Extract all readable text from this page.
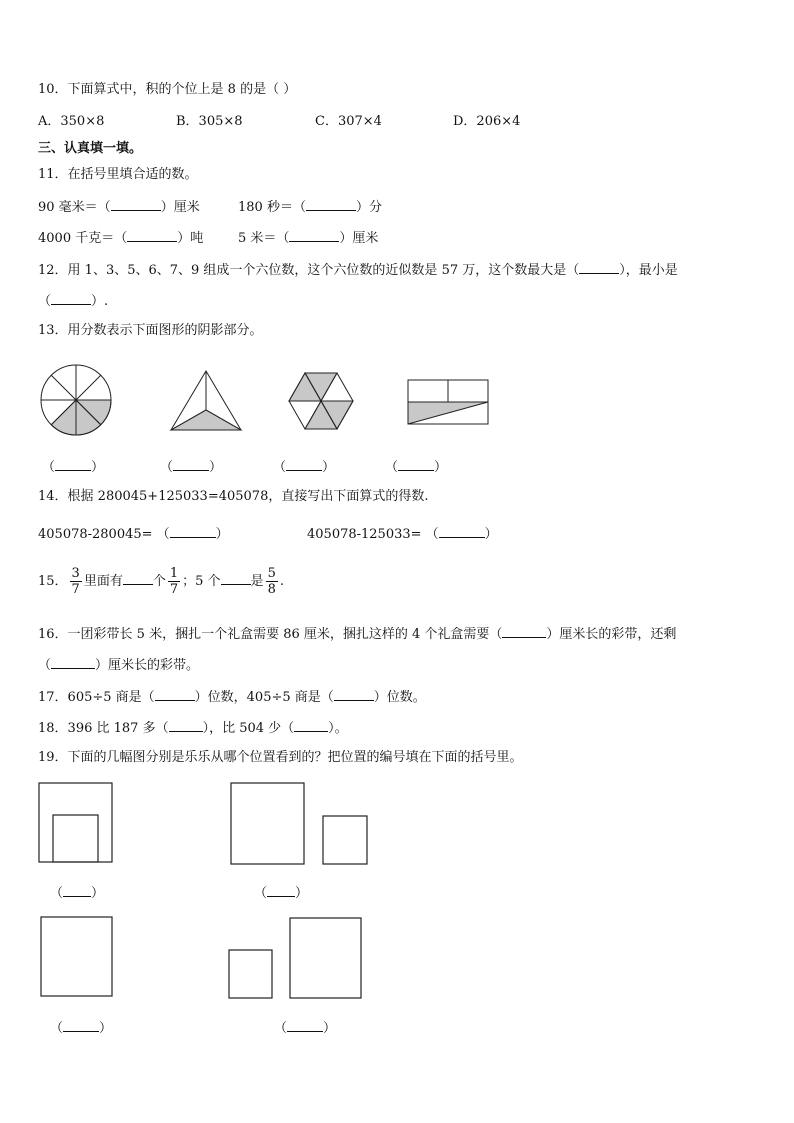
10．下面算式中，积的个位上是 8 的是（ ）
A．350×8	B．305×8	C．307×4	D．206×4
三、认真填一填。
11．在括号里填合适的数。
90 毫米＝（	）厘米	180 秒＝（	）分
4000 千克＝（	）吨	5 米＝（	）厘米
12．用 1、3、5、6、7、9 组成一个六位数，这个六位数的近似数是 57 万，这个数最大是（	），最小是
（	）.
13．用分数表示下面图形的阴影部分。
（	）	（	）	（	）	（	）
14．根据 280045+125033=405078，直接写出下面算式的得数.
405078-280045= （	）	405078-125033= （	）
15． $\frac{3}{7}$ 里面有 个 $\frac{1}{7}$ ；5 个 是 $\frac{5}{8}$ .
16．一团彩带长 5 米，捆扎一个礼盒需要 86 厘米，捆扎这样的 4 个礼盒需要（	）厘米长的彩带，还剩
（	）厘米长的彩带。
17．605÷5 商是（	）位数，405÷5 商是（	）位数。
18．396 比 187 多（	），比 504 少（	）。
19．下面的几幅图分别是乐乐从哪个位置看到的？把位置的编号填在下面的括号里。
（ ）	（ ）
（	）	（	）
